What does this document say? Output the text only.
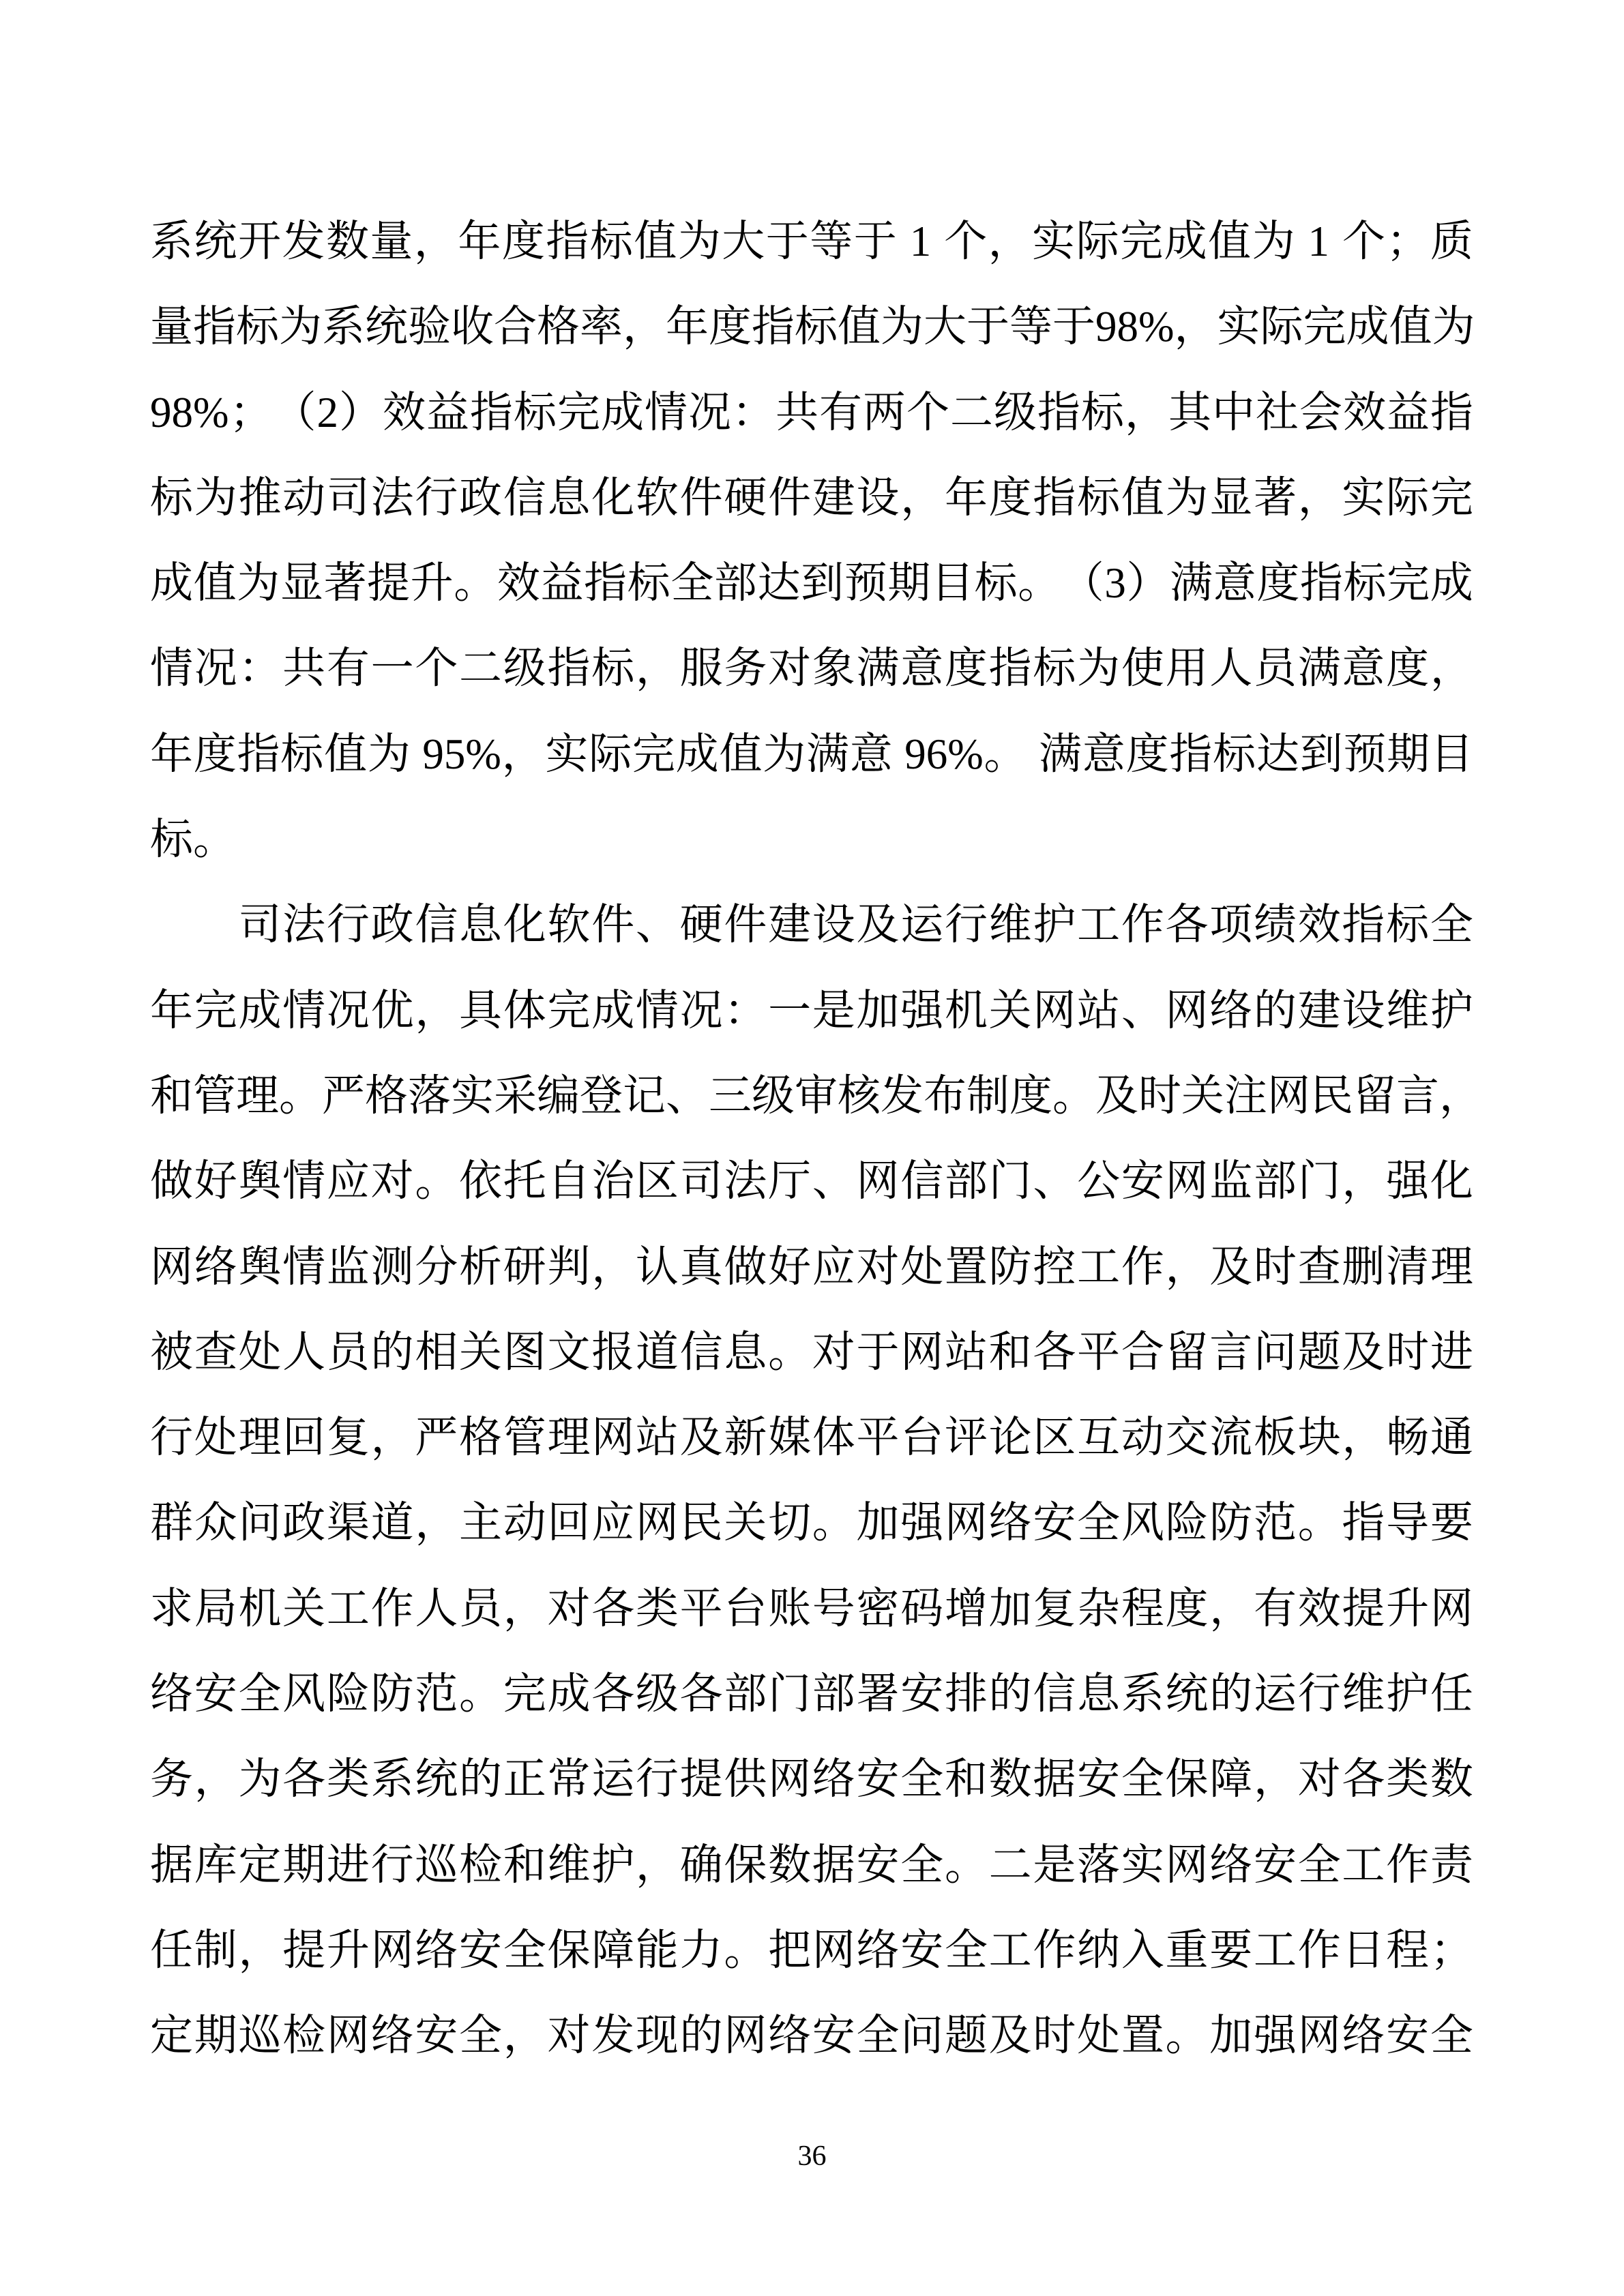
系 统 开 发 数 量 ， 年 度 指 标 值 为 大 于 等 于 1 个 ， 实 际 完 成 值 为 1 个 ； 质
量 指 标 为 系 统 验 收 合 格 率 ， 年 度 指 标 值 为 大 于 等 于 98% ， 实 际 完 成 值 为
98% ； （ 2 ） 效 益 指 标 完 成 情 况 ： 共 有 两 个 二 级 指 标 ， 其 中 社 会 效 益 指
标 为 推 动 司 法 行 政 信 息 化 软 件 硬 件 建 设 ， 年 度 指 标 值 为 显 著 ， 实 际 完
成 值 为 显 著 提 升 。 效 益 指 标 全 部 达 到 预 期 目 标 。 （ 3 ） 满 意 度 指 标 完 成
情 况 ： 共 有 一 个 二 级 指 标 ， 服 务 对 象 满 意 度 指 标 为 使 用 人 员 满 意 度 ，
年 度 指 标 值 为 95% ， 实 际 完 成 值 为 满 意 96% 。 满 意 度 指 标 达 到 预 期 目
标 。
司 法 行 政 信 息 化 软 件 、 硬 件 建 设 及 运 行 维 护 工 作 各 项 绩 效 指 标 全
年 完 成 情 况 优 ， 具 体 完 成 情 况 ： 一 是 加 强 机 关 网 站 、 网 络 的 建 设 维 护
和 管 理 。 严 格 落 实 采 编 登 记 、 三 级 审 核 发 布 制 度 。 及 时 关 注 网 民 留 言 ，
做 好 舆 情 应 对 。 依 托 自 治 区 司 法 厅 、 网 信 部 门 、 公 安 网 监 部 门 ， 强 化
网 络 舆 情 监 测 分 析 研 判 ， 认 真 做 好 应 对 处 置 防 控 工 作 ， 及 时 查 删 清 理
被 查 处 人 员 的 相 关 图 文 报 道 信 息 。 对 于 网 站 和 各 平 合 留 言 问 题 及 时 进
行 处 理 回 复 ， 严 格 管 理 网 站 及 新 媒 体 平 台 评 论 区 互 动 交 流 板 块 ， 畅 通
群 众 问 政 渠 道 ， 主 动 回 应 网 民 关 切 。 加 强 网 络 安 全 风 险 防 范 。 指 导 要
求 局 机 关 工 作 人 员 ， 对 各 类 平 台 账 号 密 码 增 加 复 杂 程 度 ， 有 效 提 升 网
络 安 全 风 险 防 范 。 完 成 各 级 各 部 门 部 署 安 排 的 信 息 系 统 的 运 行 维 护 任
务 ， 为 各 类 系 统 的 正 常 运 行 提 供 网 络 安 全 和 数 据 安 全 保 障 ， 对 各 类 数
据 库 定 期 进 行 巡 检 和 维 护 ， 确 保 数 据 安 全 。 二 是 落 实 网 络 安 全 工 作 责
任 制 ， 提 升 网 络 安 全 保 障 能 力 。 把 网 络 安 全 工 作 纳 入 重 要 工 作 日 程 ；
定 期 巡 检 网 络 安 全 ， 对 发 现 的 网 络 安 全 问 题 及 时 处 置 。 加 强 网 络 安 全
36
